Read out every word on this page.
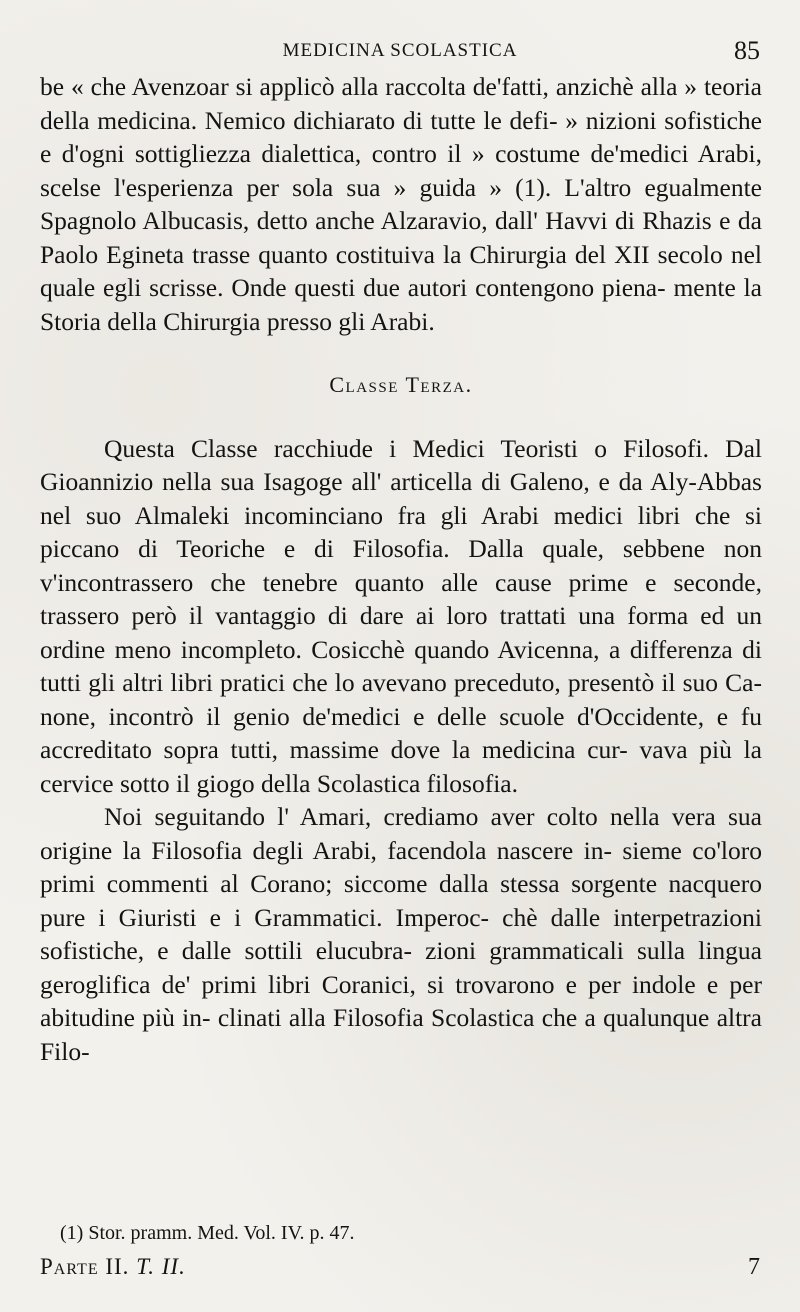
MEDICINA SCOLASTICA	85

be « che Avenzoar si applicò alla raccolta de'fatti, anzichè alla » teoria della medicina. Nemico dichiarato di tutte le defi- » nizioni sofistiche e d'ogni sottigliezza dialettica, contro il » costume de'medici Arabi, scelse l'esperienza per sola sua » guida » (1). L'altro egualmente Spagnolo Albucasis, detto anche Alzaravio, dall' Havvi di Rhazis e da Paolo Egineta trasse quanto costituiva la Chirurgia del XII secolo nel quale egli scrisse. Onde questi due autori contengono piena- mente la Storia della Chirurgia presso gli Arabi.

Classe Terza.

Questa Classe racchiude i Medici Teoristi o Filosofi. Dal Gioannizio nella sua Isagoge all' articella di Galeno, e da Aly-Abbas nel suo Almaleki incominciano fra gli Arabi medici libri che si piccano di Teoriche e di Filosofia. Dalla quale, sebbene non v'incontrassero che tenebre quanto alle cause prime e seconde, trassero però il vantaggio di dare ai loro trattati una forma ed un ordine meno incompleto. Cosicchè quando Avicenna, a differenza di tutti gli altri libri pratici che lo avevano preceduto, presentò il suo Ca- none, incontrò il genio de'medici e delle scuole d'Occidente, e fu accreditato sopra tutti, massime dove la medicina cur- vava più la cervice sotto il giogo della Scolastica filosofia.

Noi seguitando l' Amari, crediamo aver colto nella vera sua origine la Filosofia degli Arabi, facendola nascere in- sieme co'loro primi commenti al Corano; siccome dalla stessa sorgente nacquero pure i Giuristi e i Grammatici. Imperoc- chè dalle interpetrazioni sofistiche, e dalle sottili elucubra- zioni grammaticali sulla lingua geroglifica de' primi libri Coranici, si trovarono e per indole e per abitudine più in- clinati alla Filosofia Scolastica che a qualunque altra Filo-

(1) Stor. pramm. Med. Vol. IV. p. 47.
Parte II. T. II.	7
